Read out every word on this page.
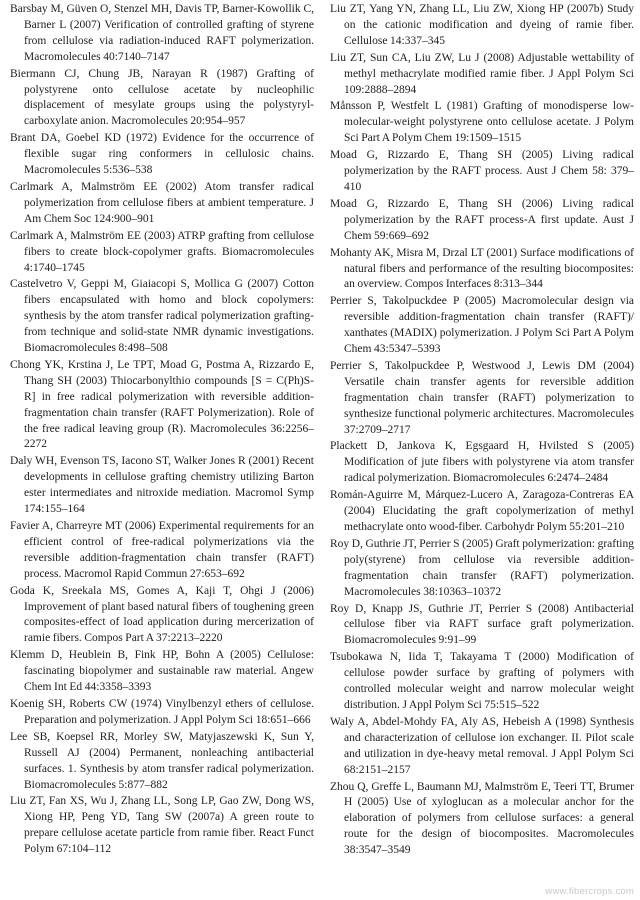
Barsbay M, Güven O, Stenzel MH, Davis TP, Barner-Kowollik C, Barner L (2007) Verification of controlled grafting of styrene from cellulose via radiation-induced RAFT polymerization. Macromolecules 40:7140–7147
Biermann CJ, Chung JB, Narayan R (1987) Grafting of polystyrene onto cellulose acetate by nucleophilic displacement of mesylate groups using the polystyryl-carboxylate anion. Macromolecules 20:954–957
Brant DA, Goebel KD (1972) Evidence for the occurrence of flexible sugar ring conformers in cellulosic chains. Macromolecules 5:536–538
Carlmark A, Malmström EE (2002) Atom transfer radical polymerization from cellulose fibers at ambient temperature. J Am Chem Soc 124:900–901
Carlmark A, Malmström EE (2003) ATRP grafting from cellulose fibers to create block-copolymer grafts. Biomacromolecules 4:1740–1745
Castelvetro V, Geppi M, Giaiacopi S, Mollica G (2007) Cotton fibers encapsulated with homo and block copolymers: synthesis by the atom transfer radical polymerization grafting-from technique and solid-state NMR dynamic investigations. Biomacromolecules 8:498–508
Chong YK, Krstina J, Le TPT, Moad G, Postma A, Rizzardo E, Thang SH (2003) Thiocarbonylthio compounds [S = C(Ph)S-R] in free radical polymerization with reversible addition-fragmentation chain transfer (RAFT Polymerization). Role of the free radical leaving group (R). Macromolecules 36:2256–2272
Daly WH, Evenson TS, Iacono ST, Walker Jones R (2001) Recent developments in cellulose grafting chemistry utilizing Barton ester intermediates and nitroxide mediation. Macromol Symp 174:155–164
Favier A, Charreyre MT (2006) Experimental requirements for an efficient control of free-radical polymerizations via the reversible addition-fragmentation chain transfer (RAFT) process. Macromol Rapid Commun 27:653–692
Goda K, Sreekala MS, Gomes A, Kaji T, Ohgi J (2006) Improvement of plant based natural fibers of toughening green composites-effect of load application during mercerization of ramie fibers. Compos Part A 37:2213–2220
Klemm D, Heublein B, Fink HP, Bohn A (2005) Cellulose: fascinating biopolymer and sustainable raw material. Angew Chem Int Ed 44:3358–3393
Koenig SH, Roberts CW (1974) Vinylbenzyl ethers of cellulose. Preparation and polymerization. J Appl Polym Sci 18:651–666
Lee SB, Koepsel RR, Morley SW, Matyjaszewski K, Sun Y, Russell AJ (2004) Permanent, nonleaching antibacterial surfaces. 1. Synthesis by atom transfer radical polymerization. Biomacromolecules 5:877–882
Liu ZT, Fan XS, Wu J, Zhang LL, Song LP, Gao ZW, Dong WS, Xiong HP, Peng YD, Tang SW (2007a) A green route to prepare cellulose acetate particle from ramie fiber. React Funct Polym 67:104–112
Liu ZT, Yang YN, Zhang LL, Liu ZW, Xiong HP (2007b) Study on the cationic modification and dyeing of ramie fiber. Cellulose 14:337–345
Liu ZT, Sun CA, Liu ZW, Lu J (2008) Adjustable wettability of methyl methacrylate modified ramie fiber. J Appl Polym Sci 109:2888–2894
Månsson P, Westfelt L (1981) Grafting of monodisperse low-molecular-weight polystyrene onto cellulose acetate. J Polym Sci Part A Polym Chem 19:1509–1515
Moad G, Rizzardo E, Thang SH (2005) Living radical polymerization by the RAFT process. Aust J Chem 58: 379–410
Moad G, Rizzardo E, Thang SH (2006) Living radical polymerization by the RAFT process-A first update. Aust J Chem 59:669–692
Mohanty AK, Misra M, Drzal LT (2001) Surface modifications of natural fibers and performance of the resulting biocomposites: an overview. Compos Interfaces 8:313–344
Perrier S, Takolpuckdee P (2005) Macromolecular design via reversible addition-fragmentation chain transfer (RAFT)/ xanthates (MADIX) polymerization. J Polym Sci Part A Polym Chem 43:5347–5393
Perrier S, Takolpuckdee P, Westwood J, Lewis DM (2004) Versatile chain transfer agents for reversible addition fragmentation chain transfer (RAFT) polymerization to synthesize functional polymeric architectures. Macromolecules 37:2709–2717
Plackett D, Jankova K, Egsgaard H, Hvilsted S (2005) Modification of jute fibers with polystyrene via atom transfer radical polymerization. Biomacromolecules 6:2474–2484
Román-Aguirre M, Márquez-Lucero A, Zaragoza-Contreras EA (2004) Elucidating the graft copolymerization of methyl methacrylate onto wood-fiber. Carbohydr Polym 55:201–210
Roy D, Guthrie JT, Perrier S (2005) Graft polymerization: grafting poly(styrene) from cellulose via reversible addition-fragmentation chain transfer (RAFT) polymerization. Macromolecules 38:10363–10372
Roy D, Knapp JS, Guthrie JT, Perrier S (2008) Antibacterial cellulose fiber via RAFT surface graft polymerization. Biomacromolecules 9:91–99
Tsubokawa N, Iida T, Takayama T (2000) Modification of cellulose powder surface by grafting of polymers with controlled molecular weight and narrow molecular weight distribution. J Appl Polym Sci 75:515–522
Waly A, Abdel-Mohdy FA, Aly AS, Hebeish A (1998) Synthesis and characterization of cellulose ion exchanger. II. Pilot scale and utilization in dye-heavy metal removal. J Appl Polym Sci 68:2151–2157
Zhou Q, Greffe L, Baumann MJ, Malmström E, Teeri TT, Brumer H (2005) Use of xyloglucan as a molecular anchor for the elaboration of polymers from cellulose surfaces: a general route for the design of biocomposites. Macromolecules 38:3547–3549
www.fibercrops.com
